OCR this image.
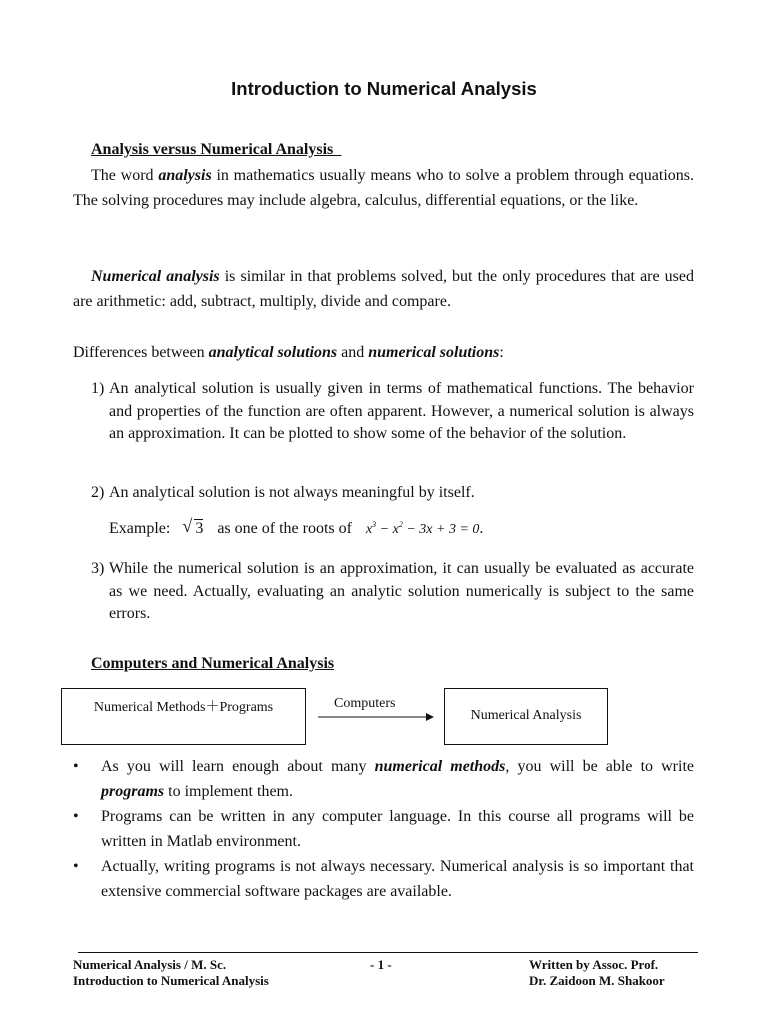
Introduction to Numerical Analysis
Analysis versus Numerical Analysis

The word analysis in mathematics usually means who to solve a problem through equations. The solving procedures may include algebra, calculus, differential equations, or the like.

Numerical analysis is similar in that problems solved, but the only procedures that are used are arithmetic: add, subtract, multiply, divide and compare.

Differences between analytical solutions and numerical solutions:

1) An analytical solution is usually given in terms of mathematical functions. The behavior and properties of the function are often apparent. However, a numerical solution is always an approximation. It can be plotted to show some of the behavior of the solution.
2) An analytical solution is not always meaningful by itself.
Example: √ 3 as one of the roots of $x^3 - x^2 - 3x + 3 = 0$.
3) While the numerical solution is an approximation, it can usually be evaluated as accurate as we need. Actually, evaluating an analytic solution numerically is subject to the same errors.
Computers and Numerical Analysis
Numerical Methods＋Programs	Computers
Numerical Analysis
• As you will learn enough about many numerical methods, you will be able to write programs to implement them.
• Programs can be written in any computer language. In this course all programs will be written in Matlab environment.
• Actually, writing programs is not always necessary. Numerical analysis is so important that extensive commercial software packages are available.
Numerical Analysis / M. Sc.
Introduction to Numerical Analysis
- 1 -	Written by Assoc. Prof.
Dr. Zaidoon M. Shakoor
